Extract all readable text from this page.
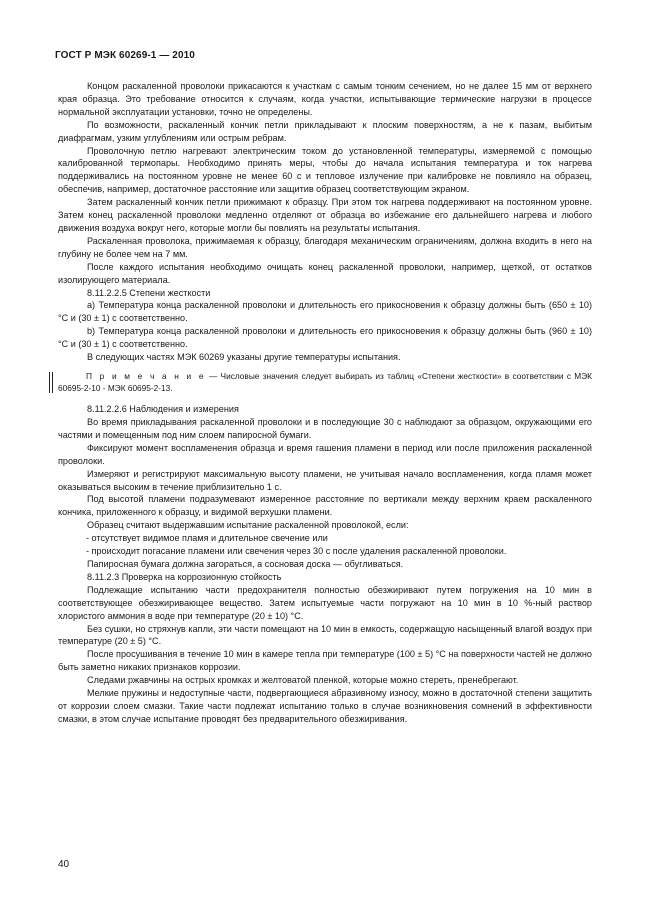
ГОСТ Р МЭК 60269-1 — 2010

Концом раскаленной проволоки прикасаются к участкам с самым тонким сечением, но не далее 15 мм от верхнего края образца. Это требование относится к случаям, когда участки, испытывающие термические нагрузки в процессе нормальной эксплуатации установки, точно не определены.

По возможности, раскаленный кончик петли прикладывают к плоским поверхностям, а не к пазам, выбитым диафрагмам, узким углублениям или острым ребрам.

Проволочную петлю нагревают электрическим током до установленной температуры, измеряемой с помощью калиброванной термопары. Необходимо принять меры, чтобы до начала испытания температура и ток нагрева поддерживались на постоянном уровне не менее 60 с и тепловое излучение при калибровке не повлияло на образец, обеспечив, например, достаточное расстояние или защитив образец соответствующим экраном.

Затем раскаленный кончик петли прижимают к образцу. При этом ток нагрева поддерживают на постоянном уровне. Затем конец раскаленной проволоки медленно отделяют от образца во избежание его дальнейшего нагрева и любого движения воздуха вокруг него, которые могли бы повлиять на результаты испытания.

Раскаленная проволока, прижимаемая к образцу, благодаря механическим ограничениям, должна входить в него на глубину не более чем на 7 мм.

После каждого испытания необходимо очищать конец раскаленной проволоки, например, щеткой, от остатков изолирующего материала.

8.11.2.2.5 Степени жесткости

a) Температура конца раскаленной проволоки и длительность его прикосновения к образцу должны быть (650 ± 10) °С и (30 ± 1) с соответственно.

b) Температура конца раскаленной проволоки и длительность его прикосновения к образцу должны быть (960 ± 10) °С и (30 ± 1) с соответственно.

В следующих частях МЭК 60269 указаны другие температуры испытания.

П р и м е ч а н и е — Числовые значения следует выбирать из таблиц «Степени жесткости» в соответствии с МЭК 60695-2-10 - МЭК 60695-2-13.

8.11.2.2.6 Наблюдения и измерения

Во время прикладывания раскаленной проволоки и в последующие 30 с наблюдают за образцом, окружающими его частями и помещенным под ним слоем папиросной бумаги.

Фиксируют момент воспламенения образца и время гашения пламени в период или после приложения раскаленной проволоки.

Измеряют и регистрируют максимальную высоту пламени, не учитывая начало воспламенения, когда пламя может оказываться высоким в течение приблизительно 1 с.

Под высотой пламени подразумевают измеренное расстояние по вертикали между верхним краем раскаленного кончика, приложенного к образцу, и видимой верхушки пламени.

Образец считают выдержавшим испытание раскаленной проволокой, если:

- отсутствует видимое пламя и длительное свечение или

- происходит погасание пламени или свечения через 30 с после удаления раскаленной проволоки.

Папиросная бумага должна загораться, а сосновая доска — обугливаться.

8.11.2.3 Проверка на коррозионную стойкость

Подлежащие испытанию части предохранителя полностью обезжиривают путем погружения на 10 мин в соответствующее обезжиривающее вещество. Затем испытуемые части погружают на 10 мин в 10 %-ный раствор хлористого аммония в воде при температуре (20 ± 10) °С.

Без сушки, но стряхнув капли, эти части помещают на 10 мин в емкость, содержащую насыщенный влагой воздух при температуре (20 ± 5) °С.

После просушивания в течение 10 мин в камере тепла при температуре (100 ± 5) °С на поверхности частей не должно быть заметно никаких признаков коррозии.

Следами ржавчины на острых кромках и желтоватой пленкой, которые можно стереть, пренебрегают.

Мелкие пружины и недоступные части, подвергающиеся абразивному износу, можно в достаточной степени защитить от коррозии слоем смазки. Такие части подлежат испытанию только в случае возникновения сомнений в эффективности смазки, в этом случае испытание проводят без предварительного обезжиривания.

40
